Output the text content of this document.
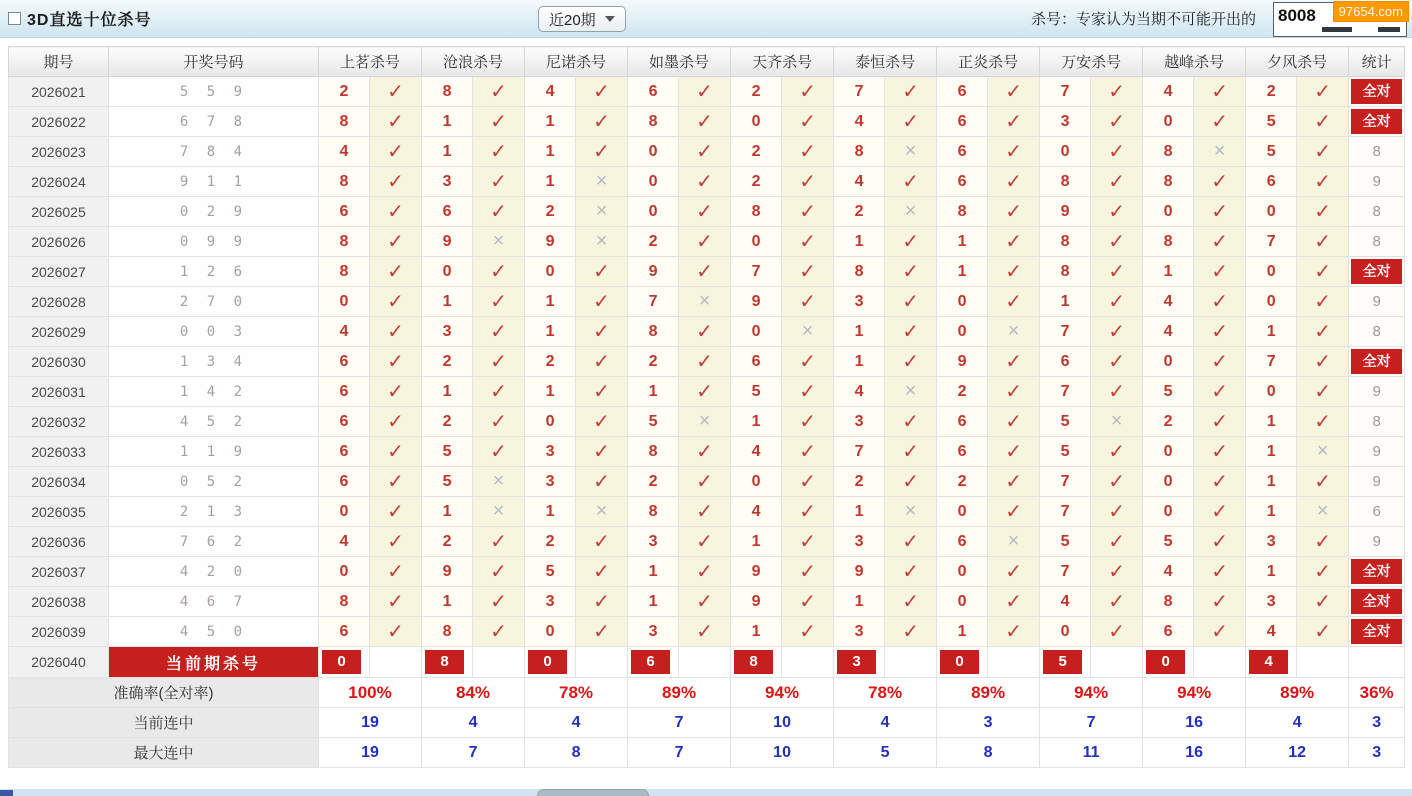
3D直选十位杀号	近20期	杀号：专家认为当期不可能开出的 8008	97654.com
期号	开奖号码	上茗杀号		沧浪杀号		尼诺杀号		如墨杀号		天齐杀号		泰恒杀号		正炎杀号		万安杀号		越峰杀号		夕风杀号		统计
2026021	5 5 9	2	✓	8	✓	4	✓	6	✓	2	✓	7	✓	6	✓	7	✓	4	✓	2	✓	全对

2026022	6 7 8	8	✓	1	✓	1	✓	8	✓	0	✓	4	✓	6	✓	3	✓	0	✓	5	✓	全对

2026023	7 8 4	4	✓	1	✓	1	✓	0	✓	2	✓	8	×	6	✓	0	✓	8	×	5	✓	8
2026024	9 1 1	8	✓	3	✓	1	×	0	✓	2	✓	4	✓	6	✓	8	✓	8	✓	6	✓	9
2026025	0 2 9	6	✓	6	✓	2	×	0	✓	8	✓	2	×	8	✓	9	✓	0	✓	0	✓	8
2026026	0 9 9	8	✓	9	×	9	×	2	✓	0	✓	1	✓	1	✓	8	✓	8	✓	7	✓	8
2026027	1 2 6	8	✓	0	✓	0	✓	9	✓	7	✓	8	✓	1	✓	8	✓	1	✓	0	✓	全对

2026028	2 7 0	0	✓	1	✓	1	✓	7	×	9	✓	3	✓	0	✓	1	✓	4	✓	0	✓	9
2026029	0 0 3	4	✓	3	✓	1	✓	8	✓	0	×	1	✓	0	×	7	✓	4	✓	1	✓	8
2026030	1 3 4	6	✓	2	✓	2	✓	2	✓	6	✓	1	✓	9	✓	6	✓	0	✓	7	✓	全对

2026031	1 4 2	6	✓	1	✓	1	✓	1	✓	5	✓	4	×	2	✓	7	✓	5	✓	0	✓	9
2026032	4 5 2	6	✓	2	✓	0	✓	5	×	1	✓	3	✓	6	✓	5	×	2	✓	1	✓	8
2026033	1 1 9	6	✓	5	✓	3	✓	8	✓	4	✓	7	✓	6	✓	5	✓	0	✓	1	×	9
2026034	0 5 2	6	✓	5	×	3	✓	2	✓	0	✓	2	✓	2	✓	7	✓	0	✓	1	✓	9
2026035	2 1 3	0	✓	1	×	1	×	8	✓	4	✓	1	×	0	✓	7	✓	0	✓	1	×	6
2026036	7 6 2	4	✓	2	✓	2	✓	3	✓	1	✓	3	✓	6	×	5	✓	5	✓	3	✓	9
2026037	4 2 0	0	✓	9	✓	5	✓	1	✓	9	✓	9	✓	0	✓	7	✓	4	✓	1	✓	全对

2026038	4 6 7	8	✓	1	✓	3	✓	1	✓	9	✓	1	✓	0	✓	4	✓	8	✓	3	✓	全对

2026039	4 5 0	6	✓	8	✓	0	✓	3	✓	1	✓	3	✓	1	✓	0	✓	6	✓	4	✓	全对

2026040	当前期杀号	0		8		0		6		8		3		0		5		0		4		

准确率(全对率)		100%		84%		78%		89%		94%		78%		89%		94%		94%		89%		36%
当前连中		19		4		4		7		10		4		3		7		16		4		3
最大连中		19		7		8		7		10		5		8		11		16		12		3
